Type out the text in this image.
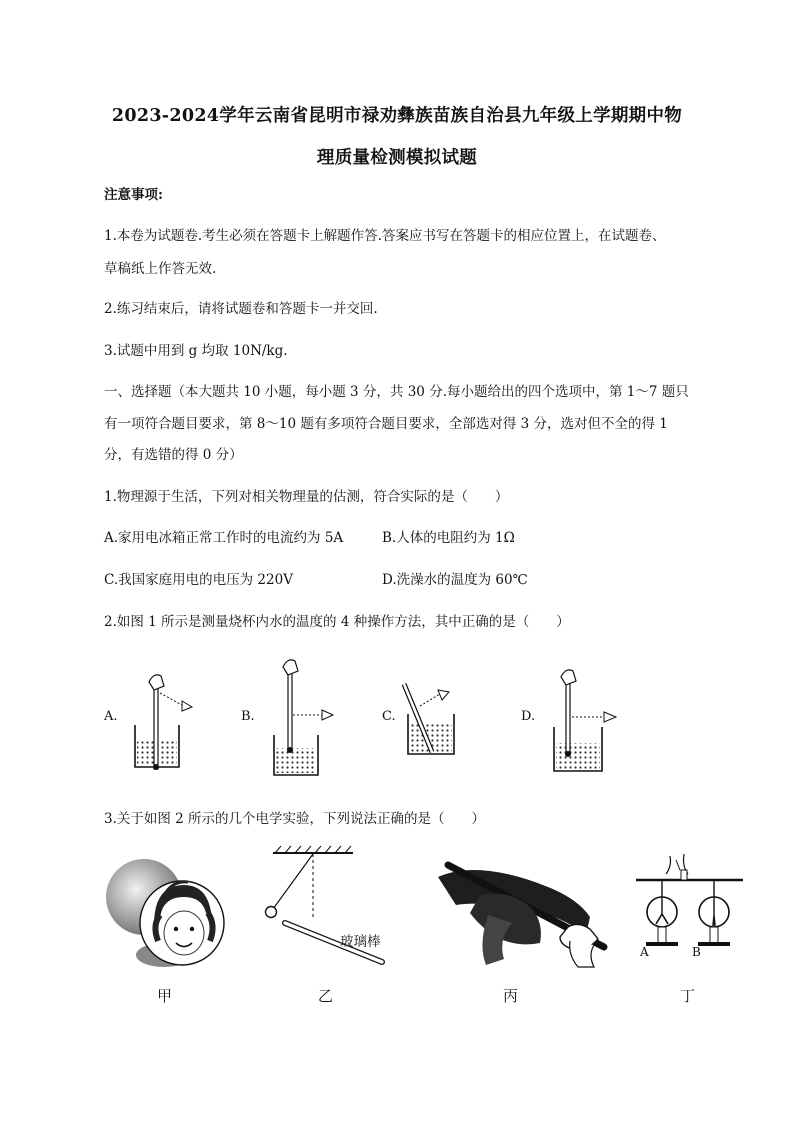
2023-2024学年云南省昆明市禄劝彝族苗族自治县九年级上学期期中物
理质量检测模拟试题
注意事项:
1.本卷为试题卷.考生必须在答题卡上解题作答.答案应书写在答题卡的相应位置上，在试题卷、
草稿纸上作答无效.
2.练习结束后，请将试题卷和答题卡一并交回.
3.试题中用到 g 均取 10N/kg.
一、选择题（本大题共 10 小题，每小题 3 分，共 30 分.每小题给出的四个选项中，第 1～7 题只
有一项符合题目要求，第 8～10 题有多项符合题目要求，全部选对得 3 分，选对但不全的得 1
分，有选错的得 0 分）
1.物理源于生活，下列对相关物理量的估测，符合实际的是（　　）
A.家用电冰箱正常工作时的电流约为 5A	B.人体的电阻约为 1Ω
C.我国家庭用电的电压为 220V	D.洗澡水的温度为 60℃
2.如图 1 所示是测量烧杯内水的温度的 4 种操作方法，其中正确的是（　　）
A.	B.	C.	D.
3.关于如图 2 所示的几个电学实验，下列说法正确的是（　　）
玻璃棒
A	B
甲	乙	丙	丁
